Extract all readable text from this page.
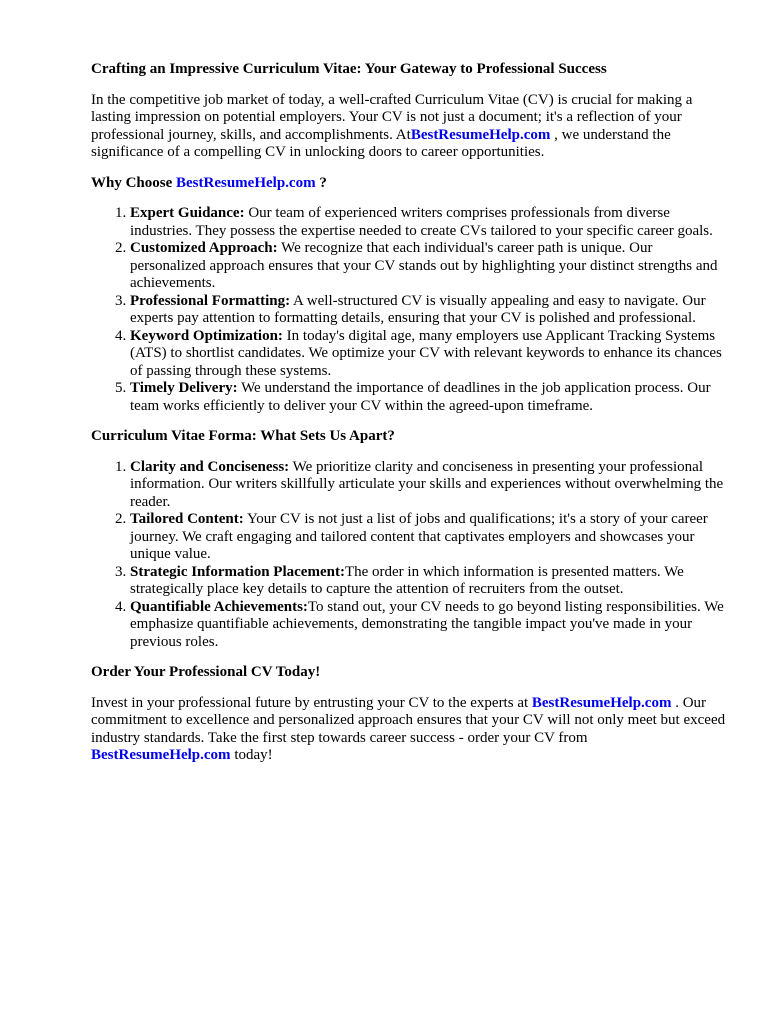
Crafting an Impressive Curriculum Vitae: Your Gateway to Professional Success

In the competitive job market of today, a well-crafted Curriculum Vitae (CV) is crucial for making a lasting impression on potential employers. Your CV is not just a document; it's a reflection of your professional journey, skills, and accomplishments. AtBestResumeHelp.com , we understand the significance of a compelling CV in unlocking doors to career opportunities.

Why Choose BestResumeHelp.com ?
1. Expert Guidance: Our team of experienced writers comprises professionals from diverse industries. They possess the expertise needed to create CVs tailored to your specific career goals.
2. Customized Approach: We recognize that each individual's career path is unique. Our personalized approach ensures that your CV stands out by highlighting your distinct strengths and achievements.
3. Professional Formatting: A well-structured CV is visually appealing and easy to navigate. Our experts pay attention to formatting details, ensuring that your CV is polished and professional.
4. Keyword Optimization: In today's digital age, many employers use Applicant Tracking Systems (ATS) to shortlist candidates. We optimize your CV with relevant keywords to enhance its chances of passing through these systems.
5. Timely Delivery: We understand the importance of deadlines in the job application process. Our team works efficiently to deliver your CV within the agreed-upon timeframe.
Curriculum Vitae Forma: What Sets Us Apart?
1. Clarity and Conciseness: We prioritize clarity and conciseness in presenting your professional information. Our writers skillfully articulate your skills and experiences without overwhelming the reader.
2. Tailored Content: Your CV is not just a list of jobs and qualifications; it's a story of your career journey. We craft engaging and tailored content that captivates employers and showcases your unique value.
3. Strategic Information Placement:The order in which information is presented matters. We strategically place key details to capture the attention of recruiters from the outset.
4. Quantifiable Achievements:To stand out, your CV needs to go beyond listing responsibilities. We emphasize quantifiable achievements, demonstrating the tangible impact you've made in your previous roles.
Order Your Professional CV Today!

Invest in your professional future by entrusting your CV to the experts at BestResumeHelp.com . Our commitment to excellence and personalized approach ensures that your CV will not only meet but exceed industry standards. Take the first step towards career success - order your CV from BestResumeHelp.com today!
